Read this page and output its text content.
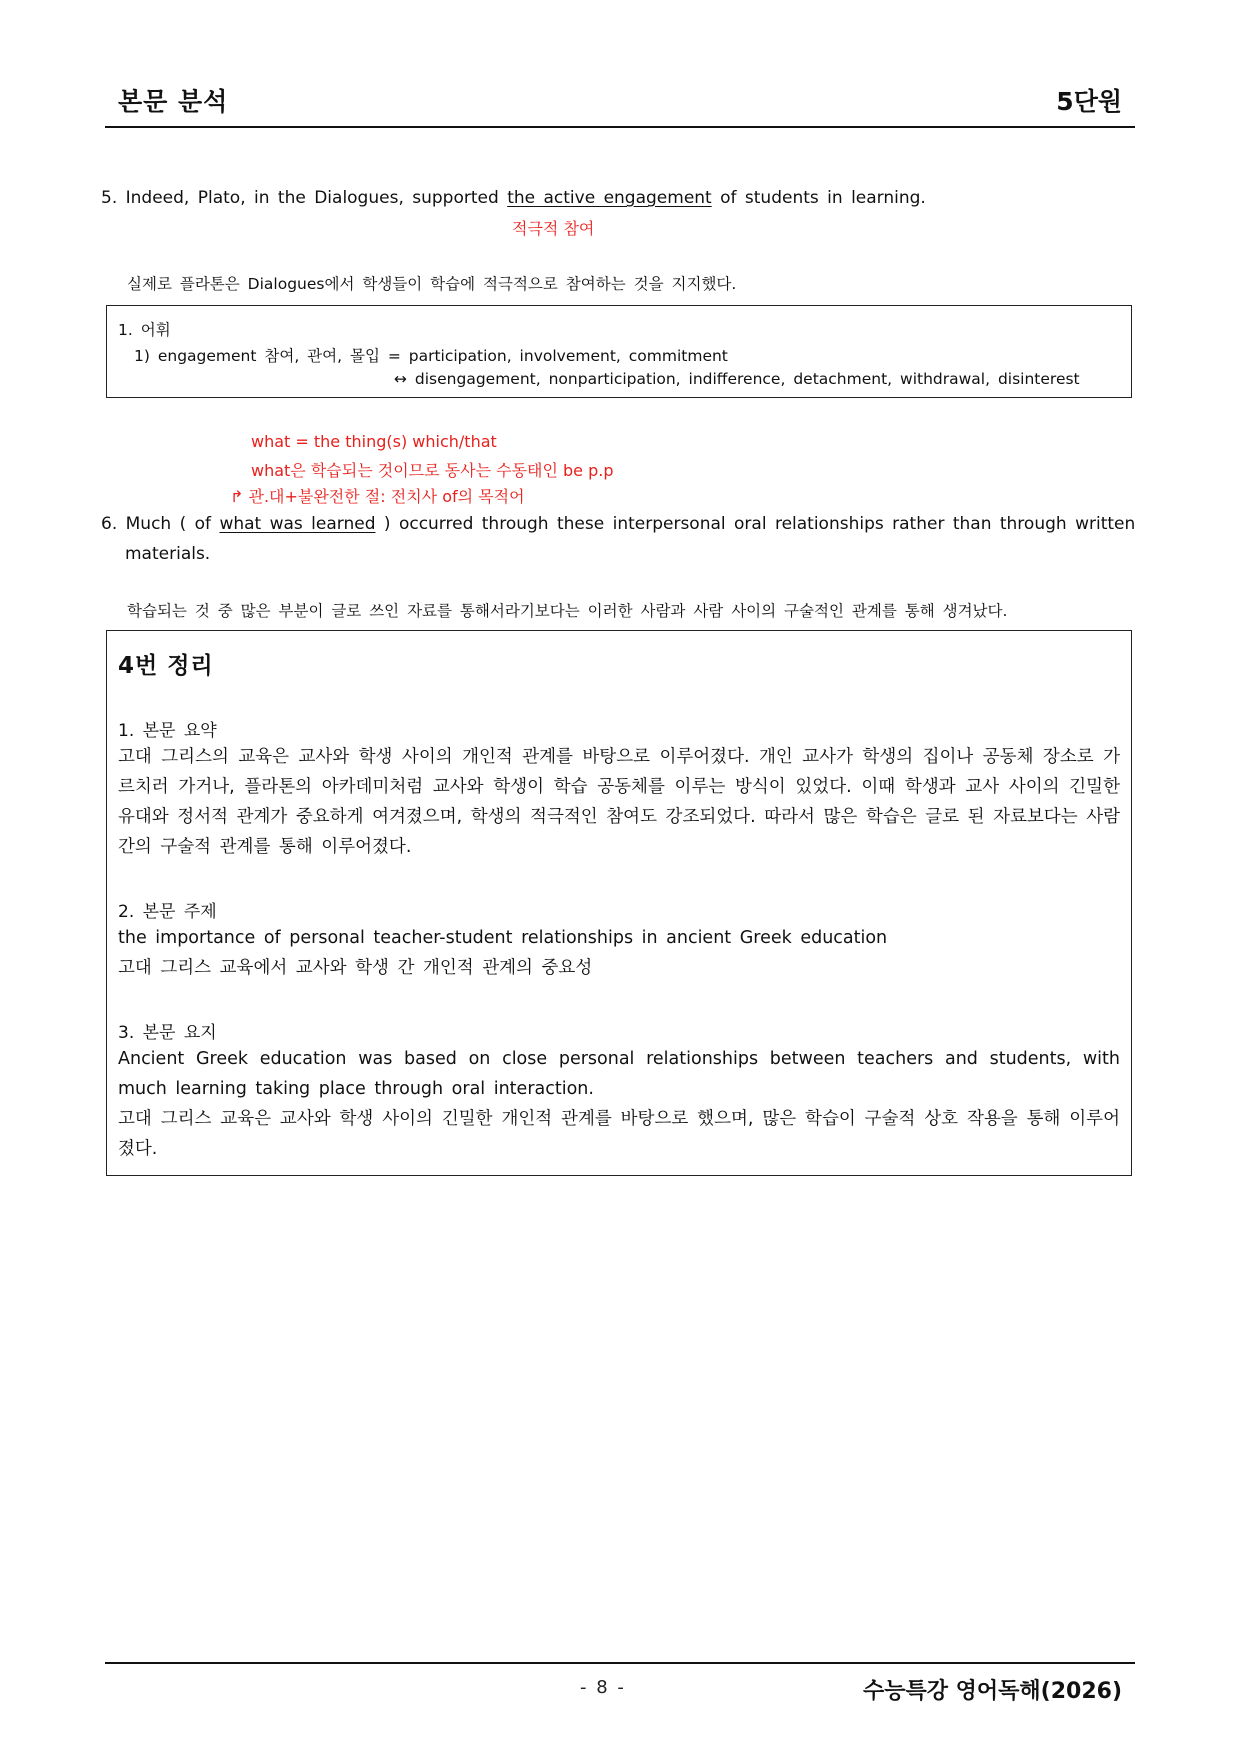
본문 분석	5단원
5. Indeed, Plato, in the Dialogues, supported the active engagement of students in learning.
적극적 참여
실제로 플라톤은 Dialogues에서 학생들이 학습에 적극적으로 참여하는 것을 지지했다.
1. 어휘
1) engagement 참여, 관여, 몰입 = participation, involvement, commitment
↔ disengagement, nonparticipation, indifference, detachment, withdrawal, disinterest
what = the thing(s) which/that
what은 학습되는 것이므로 동사는 수동태인 be p.p
↱ 관.대+불완전한 절: 전치사 of의 목적어
6. Much ( of what was learned ) occurred through these interpersonal oral relationships rather than through written
materials.
학습되는 것 중 많은 부분이 글로 쓰인 자료를 통해서라기보다는 이러한 사람과 사람 사이의 구술적인 관계를 통해 생겨났다.
4번 정리
1. 본문 요약
고대 그리스의 교육은 교사와 학생 사이의 개인적 관계를 바탕으로 이루어졌다. 개인 교사가 학생의 집이나 공동체 장소로 가르치러 가거나, 플라톤의 아카데미처럼 교사와 학생이 학습 공동체를 이루는 방식이 있었다. 이때 학생과 교사 사이의 긴밀한 유대와 정서적 관계가 중요하게 여겨졌으며, 학생의 적극적인 참여도 강조되었다. 따라서 많은 학습은 글로 된 자료보다는 사람 간의 구술적 관계를 통해 이루어졌다.
2. 본문 주제
the importance of personal teacher-student relationships in ancient Greek education
고대 그리스 교육에서 교사와 학생 간 개인적 관계의 중요성
3. 본문 요지
Ancient Greek education was based on close personal relationships between teachers and students, with much learning taking place through oral interaction.
고대 그리스 교육은 교사와 학생 사이의 긴밀한 개인적 관계를 바탕으로 했으며, 많은 학습이 구술적 상호 작용을 통해 이루어졌다.
- 8 -	수능특강 영어독해(2026)
